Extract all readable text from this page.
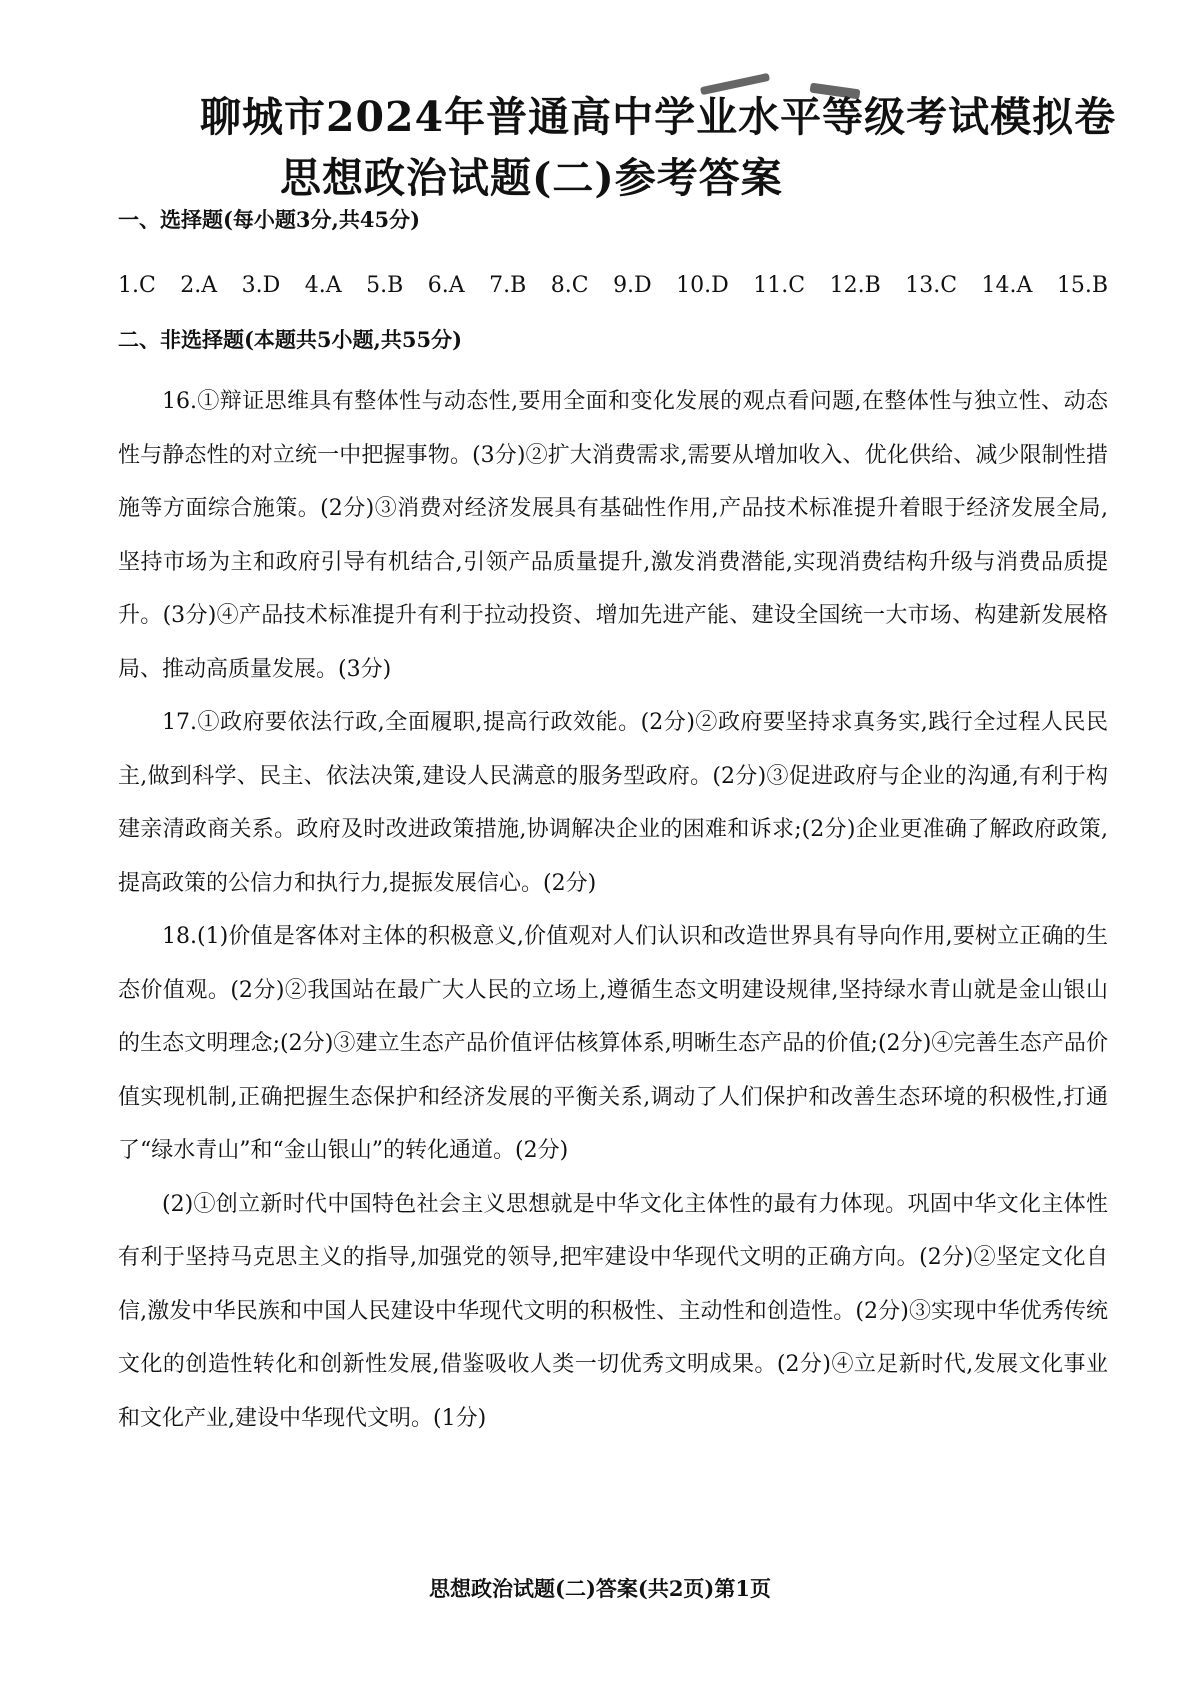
聊城市2024年普通高中学业水平等级考试模拟卷
思想政治试题(二)参考答案
一、选择题(每小题3分,共45分)
1.C 2.A 3.D 4.A 5.B 6.A 7.B 8.C 9.D 10.D 11.C 12.B 13.C 14.A 15.B
二、非选择题(本题共5小题,共55分)

16.①辩证思维具有整体性与动态性,要用全面和变化发展的观点看问题,在整体性与独立性、动态性与静态性的对立统一中把握事物。(3分)②扩大消费需求,需要从增加收入、优化供给、减少限制性措施等方面综合施策。(2分)③消费对经济发展具有基础性作用,产品技术标准提升着眼于经济发展全局,坚持市场为主和政府引导有机结合,引领产品质量提升,激发消费潜能,实现消费结构升级与消费品质提升。(3分)④产品技术标准提升有利于拉动投资、增加先进产能、建设全国统一大市场、构建新发展格局、推动高质量发展。(3分)

17.①政府要依法行政,全面履职,提高行政效能。(2分)②政府要坚持求真务实,践行全过程人民民主,做到科学、民主、依法决策,建设人民满意的服务型政府。(2分)③促进政府与企业的沟通,有利于构建亲清政商关系。政府及时改进政策措施,协调解决企业的困难和诉求;(2分)企业更准确了解政府政策,提高政策的公信力和执行力,提振发展信心。(2分)

18.(1)价值是客体对主体的积极意义,价值观对人们认识和改造世界具有导向作用,要树立正确的生态价值观。(2分)②我国站在最广大人民的立场上,遵循生态文明建设规律,坚持绿水青山就是金山银山的生态文明理念;(2分)③建立生态产品价值评估核算体系,明晰生态产品的价值;(2分)④完善生态产品价值实现机制,正确把握生态保护和经济发展的平衡关系,调动了人们保护和改善生态环境的积极性,打通了“绿水青山”和“金山银山”的转化通道。(2分)

(2)①创立新时代中国特色社会主义思想就是中华文化主体性的最有力体现。巩固中华文化主体性有利于坚持马克思主义的指导,加强党的领导,把牢建设中华现代文明的正确方向。(2分)②坚定文化自信,激发中华民族和中国人民建设中华现代文明的积极性、主动性和创造性。(2分)③实现中华优秀传统文化的创造性转化和创新性发展,借鉴吸收人类一切优秀文明成果。(2分)④立足新时代,发展文化事业和文化产业,建设中华现代文明。(1分)

思想政治试题(二)答案(共2页)第1页
